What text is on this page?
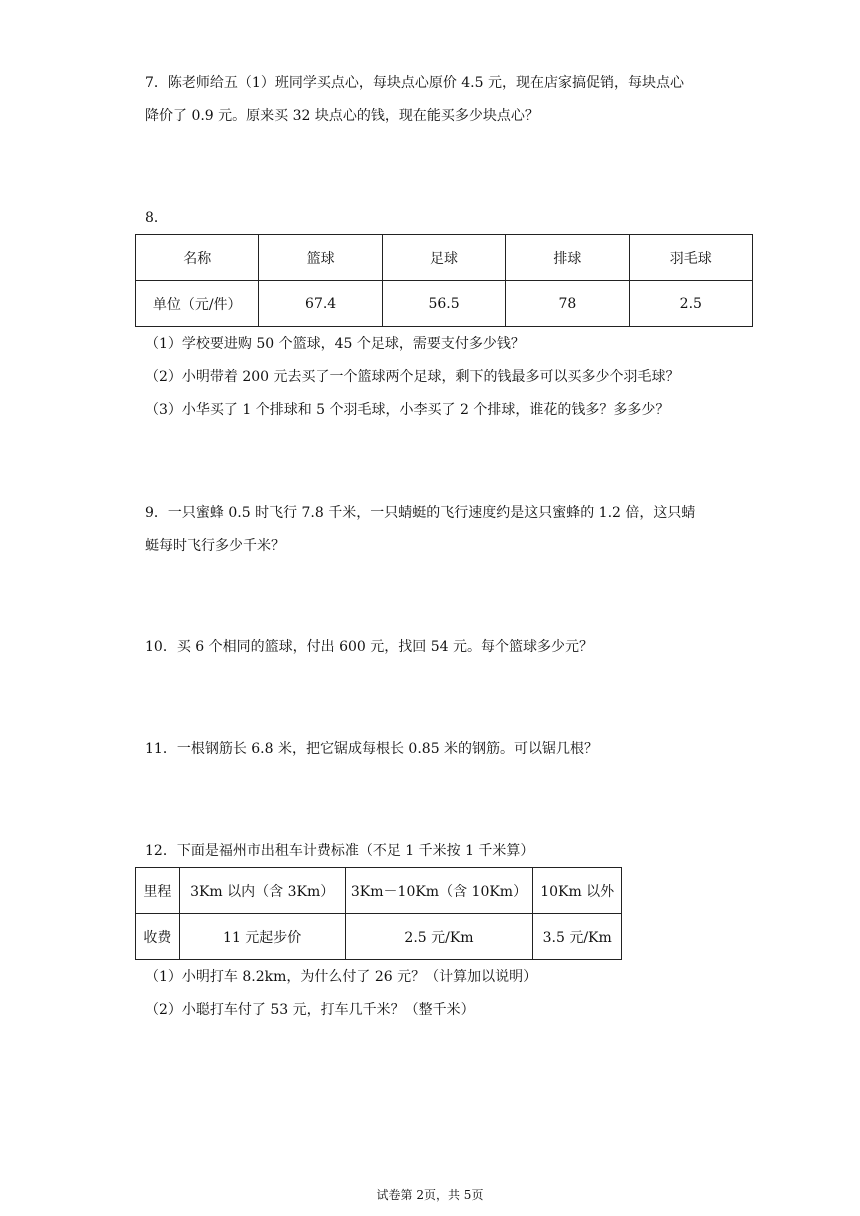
7．陈老师给五（1）班同学买点心，每块点心原价 4.5 元，现在店家搞促销，每块点心
降价了 0.9 元。原来买 32 块点心的钱，现在能买多少块点心？
8．
名称	篮球	足球	排球	羽毛球
单位（元/件）	67.4	56.5	78	2.5
（1）学校要进购 50 个篮球，45 个足球，需要支付多少钱？
（2）小明带着 200 元去买了一个篮球两个足球，剩下的钱最多可以买多少个羽毛球？
（3）小华买了 1 个排球和 5 个羽毛球，小李买了 2 个排球，谁花的钱多？多多少？
9．一只蜜蜂 0.5 时飞行 7.8 千米，一只蜻蜓的飞行速度约是这只蜜蜂的 1.2 倍，这只蜻
蜓每时飞行多少千米？
10．买 6 个相同的篮球，付出 600 元，找回 54 元。每个篮球多少元？
11．一根钢筋长 6.8 米，把它锯成每根长 0.85 米的钢筋。可以锯几根？
12．下面是福州市出租车计费标准（不足 1 千米按 1 千米算）
里程	3Km 以内（含 3Km）	3Km－10Km（含 10Km）	10Km 以外
收费	11 元起步价	2.5 元/Km	3.5 元/Km
（1）小明打车 8.2km，为什么付了 26 元？（计算加以说明）
（2）小聪打车付了 53 元，打车几千米？（整千米）
试卷第 2页，共 5页
